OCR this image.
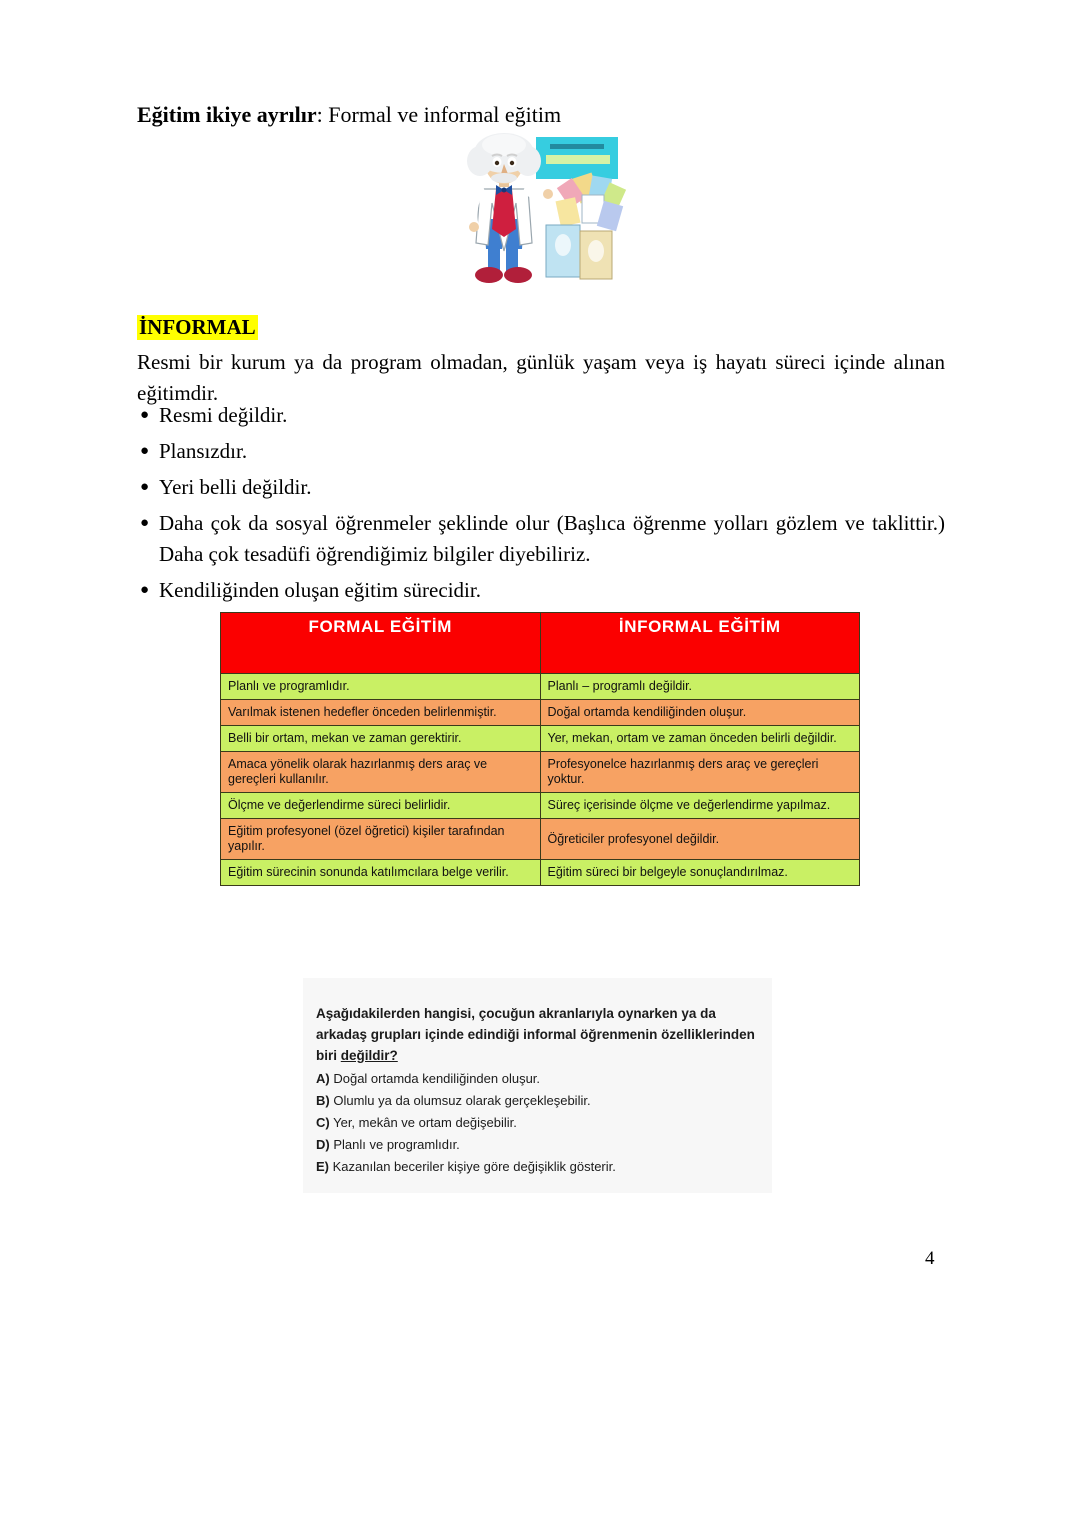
Eğitim ikiye ayrılır: Formal ve informal eğitim
İNFORMAL
Resmi bir kurum ya da program olmadan, günlük yaşam veya iş hayatı süreci içinde alınan eğitimdir.
● Resmi değildir.
● Plansızdır.
● Yeri belli değildir.
● Daha çok da sosyal öğrenmeler şeklinde olur (Başlıca öğrenme yolları gözlem ve taklittir.) Daha çok tesadüfi öğrendiğimiz bilgiler diyebiliriz.
● Kendiliğinden oluşan eğitim sürecidir.
FORMAL EĞİTİM	İNFORMAL EĞİTİM
Planlı ve programlıdır.	Planlı – programlı değildir.
Varılmak istenen hedefler önceden belirlenmiştir.	Doğal ortamda kendiliğinden oluşur.
Belli bir ortam, mekan ve zaman gerektirir.	Yer, mekan, ortam ve zaman önceden belirli değildir.
Amaca yönelik olarak hazırlanmış ders araç ve gereçleri kullanılır.	Profesyonelce hazırlanmış ders araç ve gereçleri yoktur.
Ölçme ve değerlendirme süreci belirlidir.	Süreç içerisinde ölçme ve değerlendirme yapılmaz.
Eğitim profesyonel (özel öğretici) kişiler tarafından yapılır.	Öğreticiler profesyonel değildir.
Eğitim sürecinin sonunda katılımcılara belge verilir.	Eğitim süreci bir belgeyle sonuçlandırılmaz.
Aşağıdakilerden hangisi, çocuğun akranlarıyla oynarken ya da arkadaş grupları içinde edindiği informal öğrenmenin özelliklerinden biri değildir?
A) Doğal ortamda kendiliğinden oluşur.
B) Olumlu ya da olumsuz olarak gerçekleşebilir.
C) Yer, mekân ve ortam değişebilir.
D) Planlı ve programlıdır.
E) Kazanılan beceriler kişiye göre değişiklik gösterir.
4
